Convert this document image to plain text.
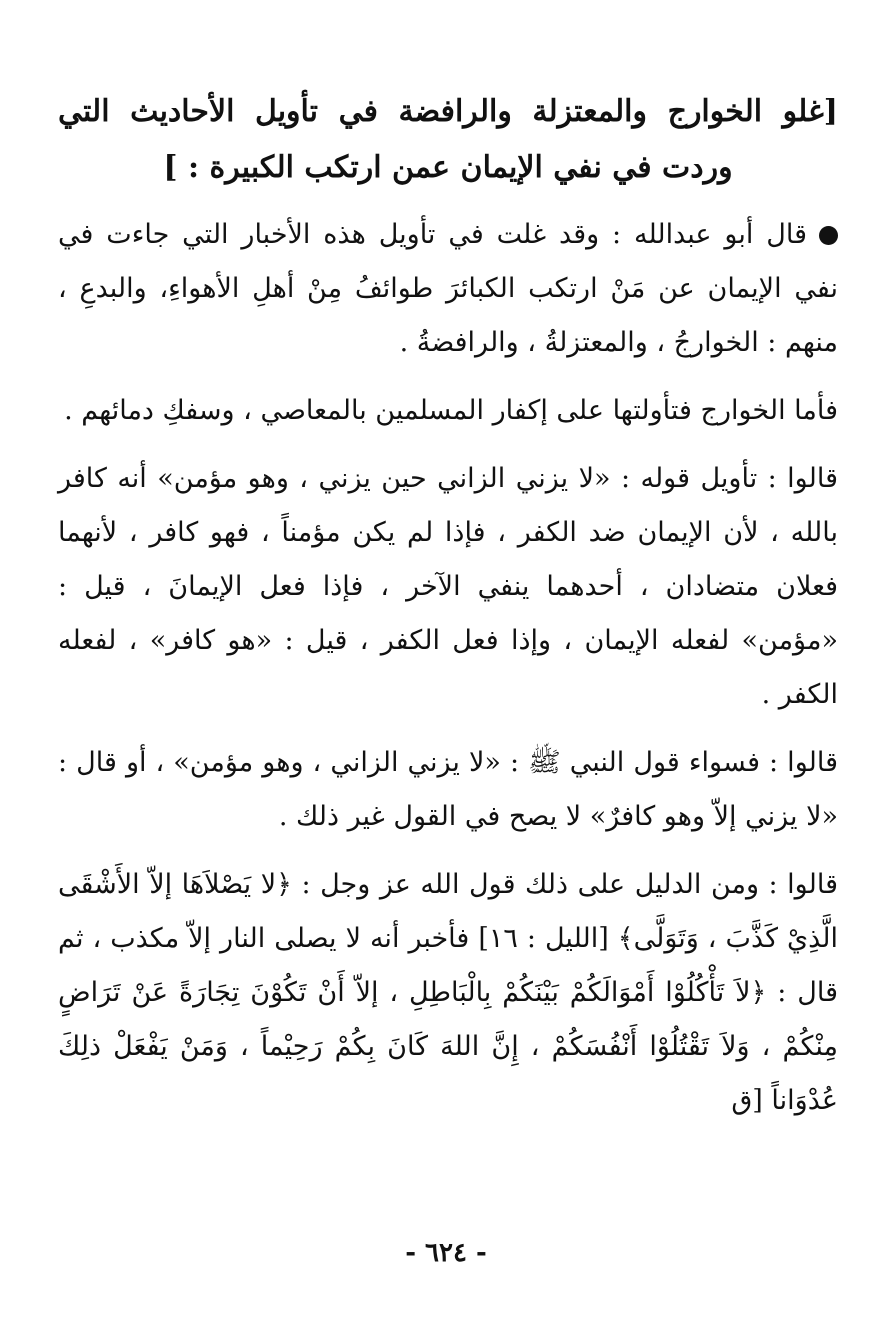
[غلو الخوارج والمعتزلة والرافضة في تأويل الأحاديث التي وردت في نفي الإيمان عمن ارتكب الكبيرة : ]

قال أبو عبدالله : وقد غلت في تأويل هذه الأخبار التي جاءت في نفي الإيمان عن مَنْ ارتكب الكبائرَ طوائفُ مِنْ أهلِ الأهواءِ، والبدعِ ، منهم : الخوارجُ ، والمعتزلةُ ، والرافضةُ .

فأما الخوارج فتأولتها على إكفار المسلمين بالمعاصي ، وسفكِ دمائهم .

قالوا : تأويل قوله : «لا يزني الزاني حين يزني ، وهو مؤمن» أنه كافر بالله ، لأن الإيمان ضد الكفر ، فإذا لم يكن مؤمناً ، فهو كافر ، لأنهما فعلان متضادان ، أحدهما ينفي الآخر ، فإذا فعل الإيمانَ ، قيل : «مؤمن» لفعله الإيمان ، وإذا فعل الكفر ، قيل : «هو كافر» ، لفعله الكفر .

قالوا : فسواء قول النبي ﷺ : «لا يزني الزاني ، وهو مؤمن» ، أو قال : «لا يزني إلاّ وهو كافرٌ» لا يصح في القول غير ذلك .

قالوا : ومن الدليل على ذلك قول الله عز وجل : ﴿لا يَصْلاَهَا إلاّ الأَشْقَى الَّذِيْ كَذَّبَ ، وَتَوَلَّى﴾ [الليل : ١٦] فأخبر أنه لا يصلى النار إلاّ مكذب ، ثم قال : ﴿لاَ تَأْكُلُوْا أَمْوَالَكُمْ بَيْنَكُمْ بِالْبَاطِلِ ، إلاّ أَنْ تَكُوْنَ تِجَارَةً عَنْ تَرَاضٍ مِنْكُمْ ، وَلاَ تَقْتُلُوْا أَنْفُسَكُمْ ، إِنَّ اللهَ كَانَ بِكُمْ رَحِيْماً ، وَمَنْ يَفْعَلْ ذلِكَ عُدْوَاناً [ق

- ٦٢٤ -
